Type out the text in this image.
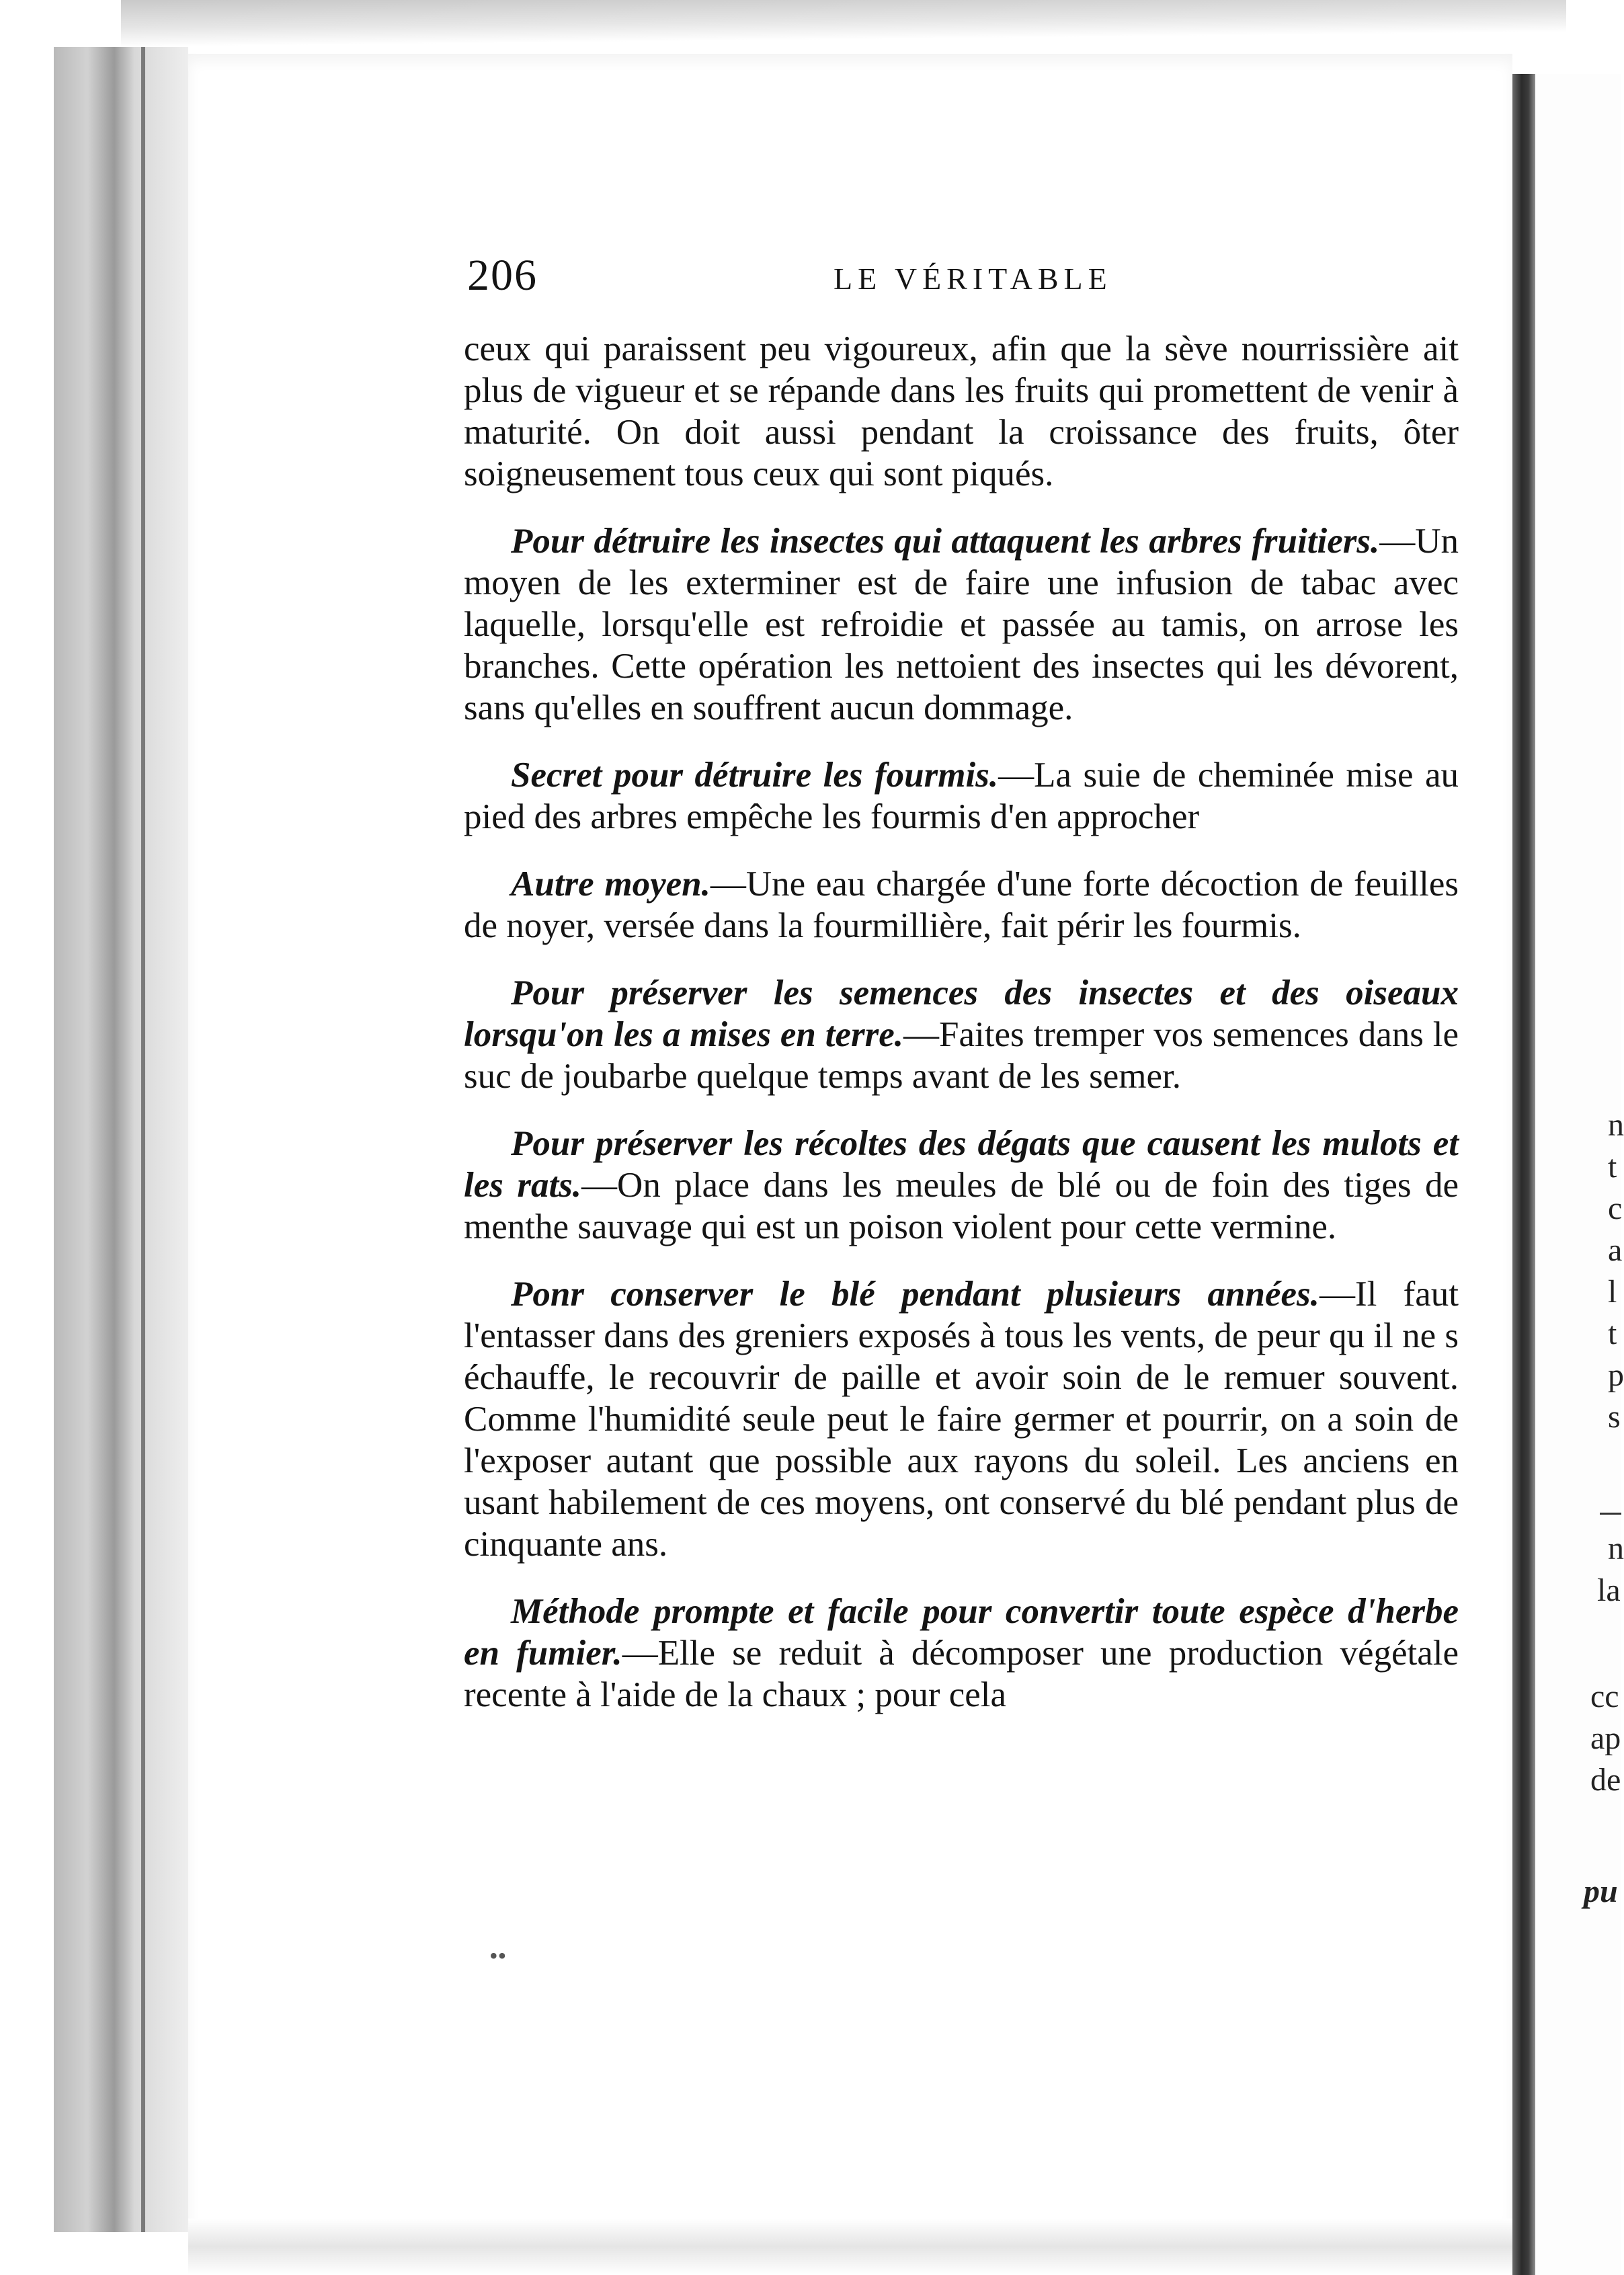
n
t
c
a
l
t
p
s
n
la
cc
ap
de
pu
206	LE VÉRITABLE

ceux qui paraissent peu vigoureux, afin que la sève nourrissière ait plus de vigueur et se répande dans les fruits qui promettent de venir à maturité. On doit aussi pendant la croissance des fruits, ôter soigneusement tous ceux qui sont piqués.

Pour détruire les insectes qui attaquent les arbres fruitiers.—Un moyen de les exterminer est de faire une infusion de tabac avec laquelle, lorsqu'elle est refroidie et passée au tamis, on arrose les branches. Cette opération les nettoient des insectes qui les dévorent, sans qu'elles en souffrent aucun dommage.

Secret pour détruire les fourmis.—La suie de cheminée mise au pied des arbres empêche les fourmis d'en approcher

Autre moyen.—Une eau chargée d'une forte décoction de feuilles de noyer, versée dans la fourmillière, fait périr les fourmis.

Pour préserver les semences des insectes et des oiseaux lorsqu'on les a mises en terre.—Faites tremper vos semences dans le suc de joubarbe quelque temps avant de les semer.

Pour préserver les récoltes des dégats que causent les mulots et les rats.—On place dans les meules de blé ou de foin des tiges de menthe sauvage qui est un poison violent pour cette vermine.

Ponr conserver le blé pendant plusieurs années.—Il faut l'entasser dans des greniers exposés à tous les vents, de peur qu il ne s échauffe, le recouvrir de paille et avoir soin de le remuer souvent. Comme l'humidité seule peut le faire germer et pourrir, on a soin de l'exposer autant que possible aux rayons du soleil. Les anciens en usant habilement de ces moyens, ont conservé du blé pendant plus de cinquante ans.

Méthode prompte et facile pour convertir toute espèce d'herbe en fumier.—Elle se reduit à décomposer une production végétale recente à l'aide de la chaux ; pour cela

••
